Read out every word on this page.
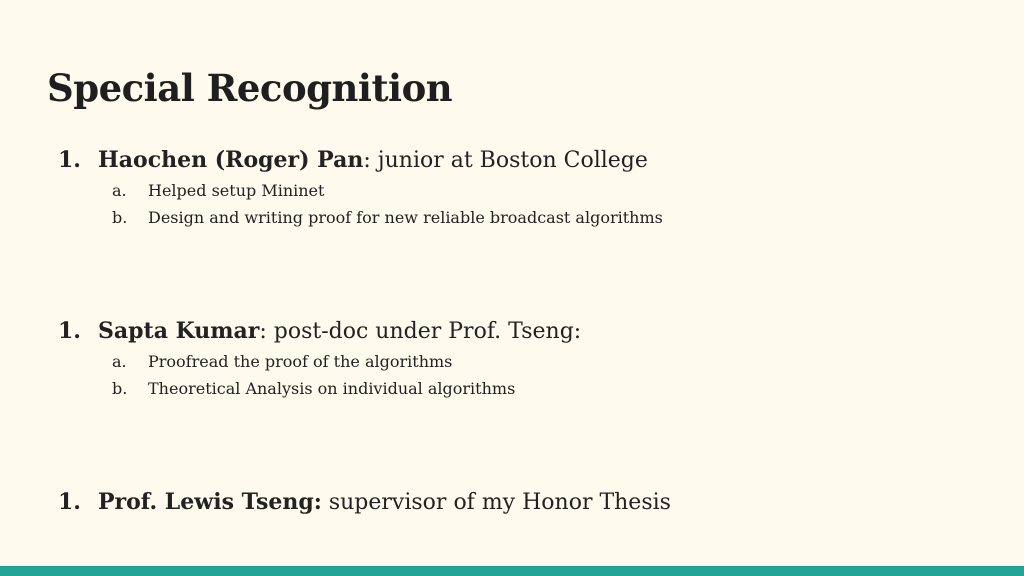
Special Recognition
1. Haochen (Roger) Pan: junior at Boston College
a. Helped setup Mininet
b. Design and writing proof for new reliable broadcast algorithms
1. Sapta Kumar: post-doc under Prof. Tseng:
a. Proofread the proof of the algorithms
b. Theoretical Analysis on individual algorithms
1. Prof. Lewis Tseng: supervisor of my Honor Thesis
